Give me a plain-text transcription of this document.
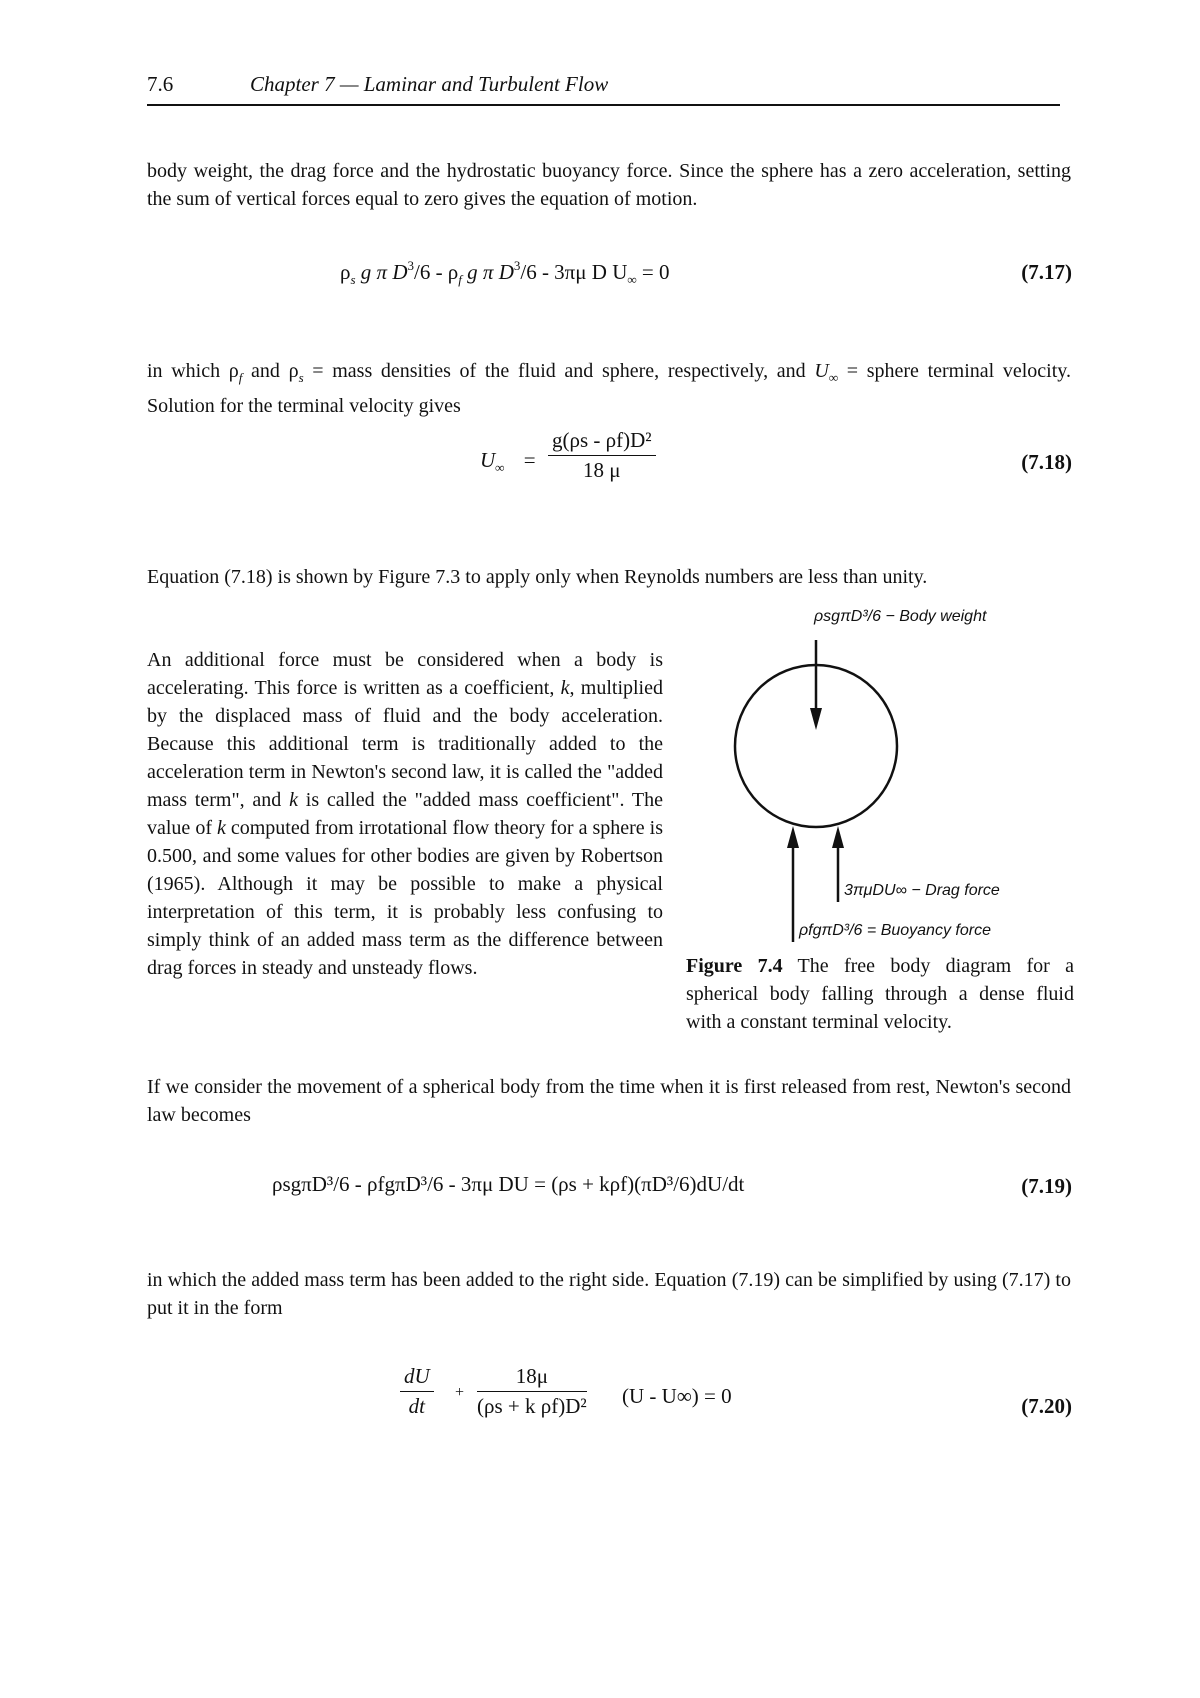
7.6	Chapter 7 — Laminar and Turbulent Flow

body weight, the drag force and the hydrostatic buoyancy force. Since the sphere has a zero acceleration, setting the sum of vertical forces equal to zero gives the equation of motion.

$\rho_s$ g π $D^3/6 - \rho_f$ g π $D^3/6 - 3\pi\mu$ D $U_\infty = 0$	(7.17)

in which $\rho_f$ and $\rho_s$ = mass densities of the fluid and sphere, respectively, and $U_\infty$ = sphere terminal velocity. Solution for the terminal velocity gives

$U_\infty = \frac{\text{g(ρs - ρf)D²}}{18 \mu}$	(7.18)

Equation (7.18) is shown by Figure 7.3 to apply only when Reynolds numbers are less than unity.

An additional force must be considered when a body is accelerating. This force is written as a coefficient, k, multiplied by the displaced mass of fluid and the body acceleration. Because this additional term is traditionally added to the acceleration term in Newton's second law, it is called the "added mass term", and k is called the "added mass coefficient". The value of k computed from irrotational flow theory for a sphere is 0.500, and some values for other bodies are given by Robertson (1965). Although it may be possible to make a physical interpretation of this term, it is probably less confusing to simply think of an added mass term as the difference between drag forces in steady and unsteady flows.

ρsgπD³/6 − Body weight
3πμDU∞ − Drag force
ρfgπD³/6 = Buoyancy force
Figure 7.4 The free body diagram for a spherical body falling through a dense fluid with a constant terminal velocity.

If we consider the movement of a spherical body from the time when it is first released from rest, Newton's second law becomes

ρsgπD³/6 - ρfgπD³/6 - 3πμ DU = (ρs + kρf)(πD³/6)dU/dt	(7.19)

in which the added mass term has been added to the right side. Equation (7.19) can be simplified by using (7.17) to put it in the form

$\frac{dU}{dt} + \frac{18\mu}{\text{(ρs + k ρf)D²}} (U - U\infty) = 0$	(7.20)
